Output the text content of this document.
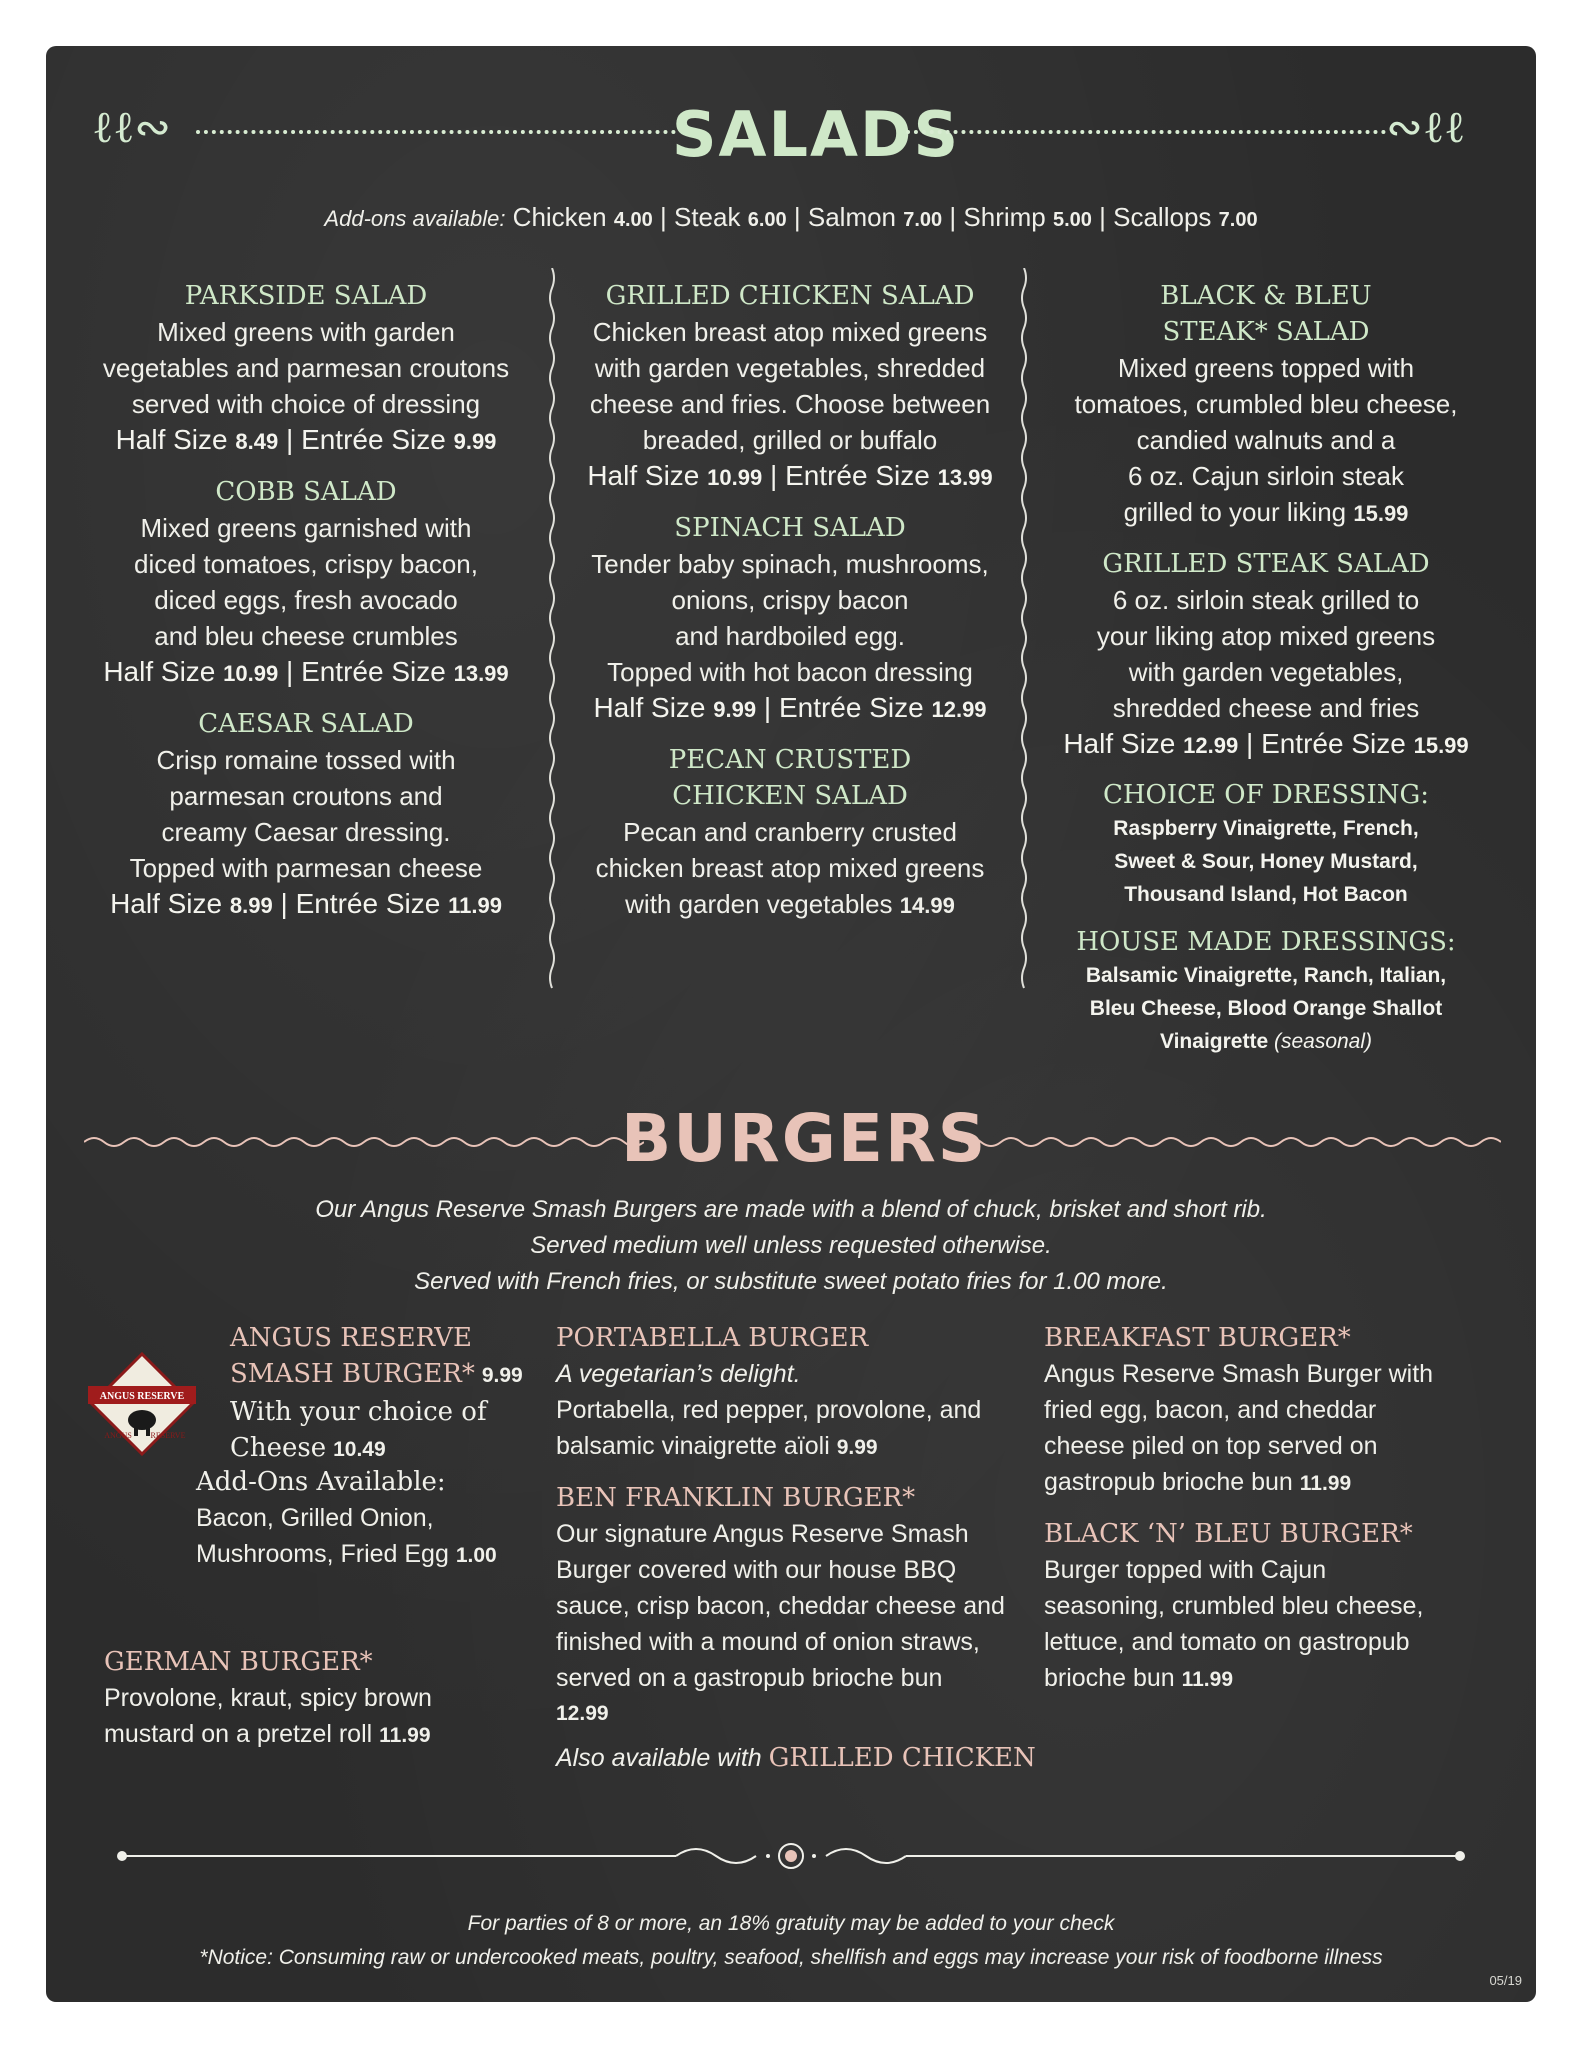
ℓℓ∾	SALADS	∾ℓℓ
Add-ons available: Chicken 4.00 | Steak 6.00 | Salmon 7.00 | Shrimp 5.00 | Scallops 7.00
PARKSIDE SALAD
Mixed greens with garden
vegetables and parmesan croutons
served with choice of dressing
Half Size 8.49 | Entrée Size 9.99
COBB SALAD
Mixed greens garnished with
diced tomatoes, crispy bacon,
diced eggs, fresh avocado
and bleu cheese crumbles
Half Size 10.99 | Entrée Size 13.99
CAESAR SALAD
Crisp romaine tossed with
parmesan croutons and
creamy Caesar dressing.
Topped with parmesan cheese
Half Size 8.99 | Entrée Size 11.99
GRILLED CHICKEN SALAD
Chicken breast atop mixed greens
with garden vegetables, shredded
cheese and fries. Choose between
breaded, grilled or buffalo
Half Size 10.99 | Entrée Size 13.99
SPINACH SALAD
Tender baby spinach, mushrooms,
onions, crispy bacon
and hardboiled egg.
Topped with hot bacon dressing
Half Size 9.99 | Entrée Size 12.99
PECAN CRUSTED
CHICKEN SALAD
Pecan and cranberry crusted
chicken breast atop mixed greens
with garden vegetables 14.99
BLACK & BLEU
STEAK* SALAD
Mixed greens topped with
tomatoes, crumbled bleu cheese,
candied walnuts and a
6 oz. Cajun sirloin steak
grilled to your liking 15.99
GRILLED STEAK SALAD
6 oz. sirloin steak grilled to
your liking atop mixed greens
with garden vegetables,
shredded cheese and fries
Half Size 12.99 | Entrée Size 15.99
CHOICE OF DRESSING:
Raspberry Vinaigrette, French,
Sweet & Sour, Honey Mustard,
Thousand Island, Hot Bacon
HOUSE MADE DRESSINGS:
Balsamic Vinaigrette, Ranch, Italian,
Bleu Cheese, Blood Orange Shallot
Vinaigrette (seasonal)
BURGERS
Our Angus Reserve Smash Burgers are made with a blend of chuck, brisket and short rib.
Served medium well unless requested otherwise.
Served with French fries, or substitute sweet potato fries for 1.00 more.
ANGUS RESERVE
ANGUS RESERVE
ANGUS RESERVE
SMASH BURGER* 9.99
With your choice of
Cheese 10.49
Add-Ons Available:
Bacon, Grilled Onion,
Mushrooms, Fried Egg 1.00
GERMAN BURGER*
Provolone, kraut, spicy brown
mustard on a pretzel roll 11.99
PORTABELLA BURGER
A vegetarian’s delight.
Portabella, red pepper, provolone, and
balsamic vinaigrette aïoli 9.99
BEN FRANKLIN BURGER*
Our signature Angus Reserve Smash
Burger covered with our house BBQ
sauce, crisp bacon, cheddar cheese and
finished with a mound of onion straws,
served on a gastropub brioche bun
12.99
Also available with GRILLED CHICKEN
BREAKFAST BURGER*
Angus Reserve Smash Burger with
fried egg, bacon, and cheddar
cheese piled on top served on
gastropub brioche bun 11.99
BLACK ‘N’ BLEU BURGER*
Burger topped with Cajun
seasoning, crumbled bleu cheese,
lettuce, and tomato on gastropub
brioche bun 11.99
For parties of 8 or more, an 18% gratuity may be added to your check
*Notice: Consuming raw or undercooked meats, poultry, seafood, shellfish and eggs may increase your risk of foodborne illness
05/19
